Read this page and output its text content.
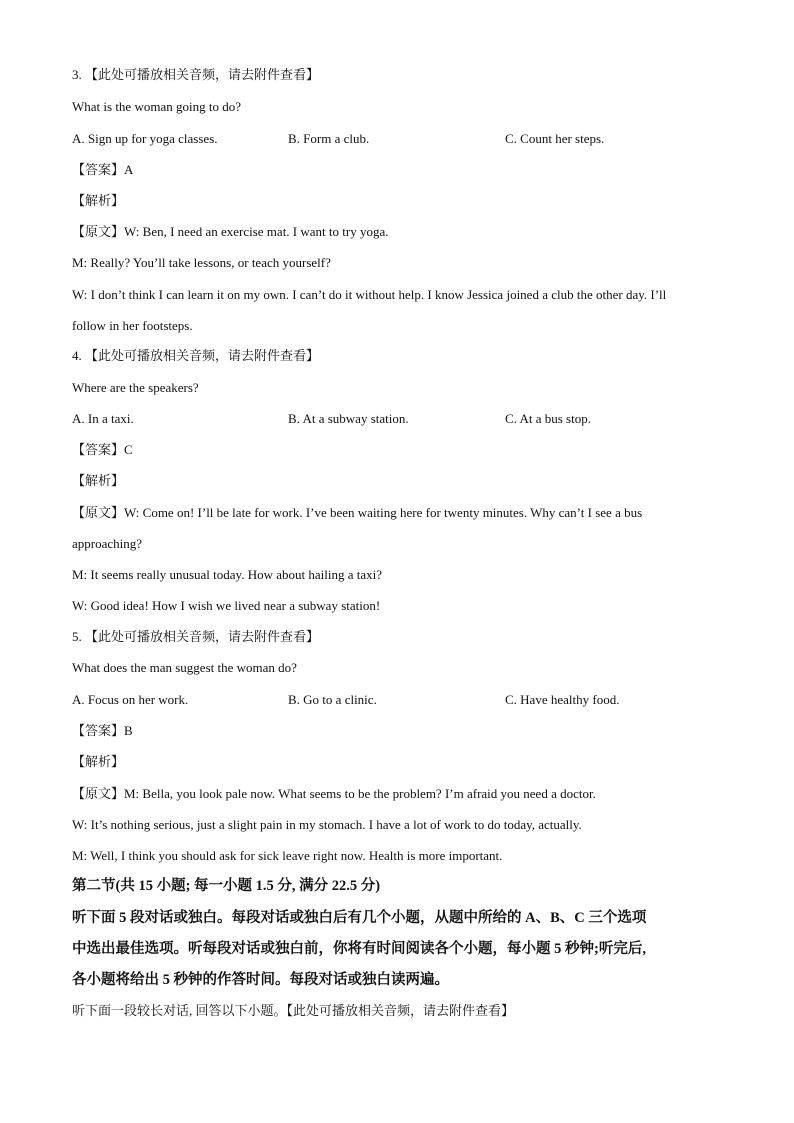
3. 【此处可播放相关音频，请去附件查看】
What is the woman going to do?
A. Sign up for yoga classes.	B. Form a club.	C. Count her steps.
【答案】A
【解析】
【原文】W: Ben, I need an exercise mat. I want to try yoga.
M: Really? You’ll take lessons, or teach yourself?
W: I don’t think I can learn it on my own. I can’t do it without help. I know Jessica joined a club the other day. I’ll
follow in her footsteps.
4. 【此处可播放相关音频，请去附件查看】
Where are the speakers?
A. In a taxi.	B. At a subway station.	C. At a bus stop.
【答案】C
【解析】
【原文】W: Come on! I’ll be late for work. I’ve been waiting here for twenty minutes. Why can’t I see a bus
approaching?
M: It seems really unusual today. How about hailing a taxi?
W: Good idea! How I wish we lived near a subway station!
5. 【此处可播放相关音频，请去附件查看】
What does the man suggest the woman do?
A. Focus on her work.	B. Go to a clinic.	C. Have healthy food.
【答案】B
【解析】
【原文】M: Bella, you look pale now. What seems to be the problem? I’m afraid you need a doctor.
W: It’s nothing serious, just a slight pain in my stomach. I have a lot of work to do today, actually.
M: Well, I think you should ask for sick leave right now. Health is more important.
第二节(共 15 小题; 每一小题 1.5 分, 满分 22.5 分)
听下面 5 段对话或独白。每段对话或独白后有几个小题，从题中所给的 A、B、C 三个选项
中选出最佳选项。听每段对话或独白前，你将有时间阅读各个小题，每小题 5 秒钟;听完后,
各小题将给出 5 秒钟的作答时间。每段对话或独白读两遍。
听下面一段较长对话, 回答以下小题。【此处可播放相关音频，请去附件查看】
